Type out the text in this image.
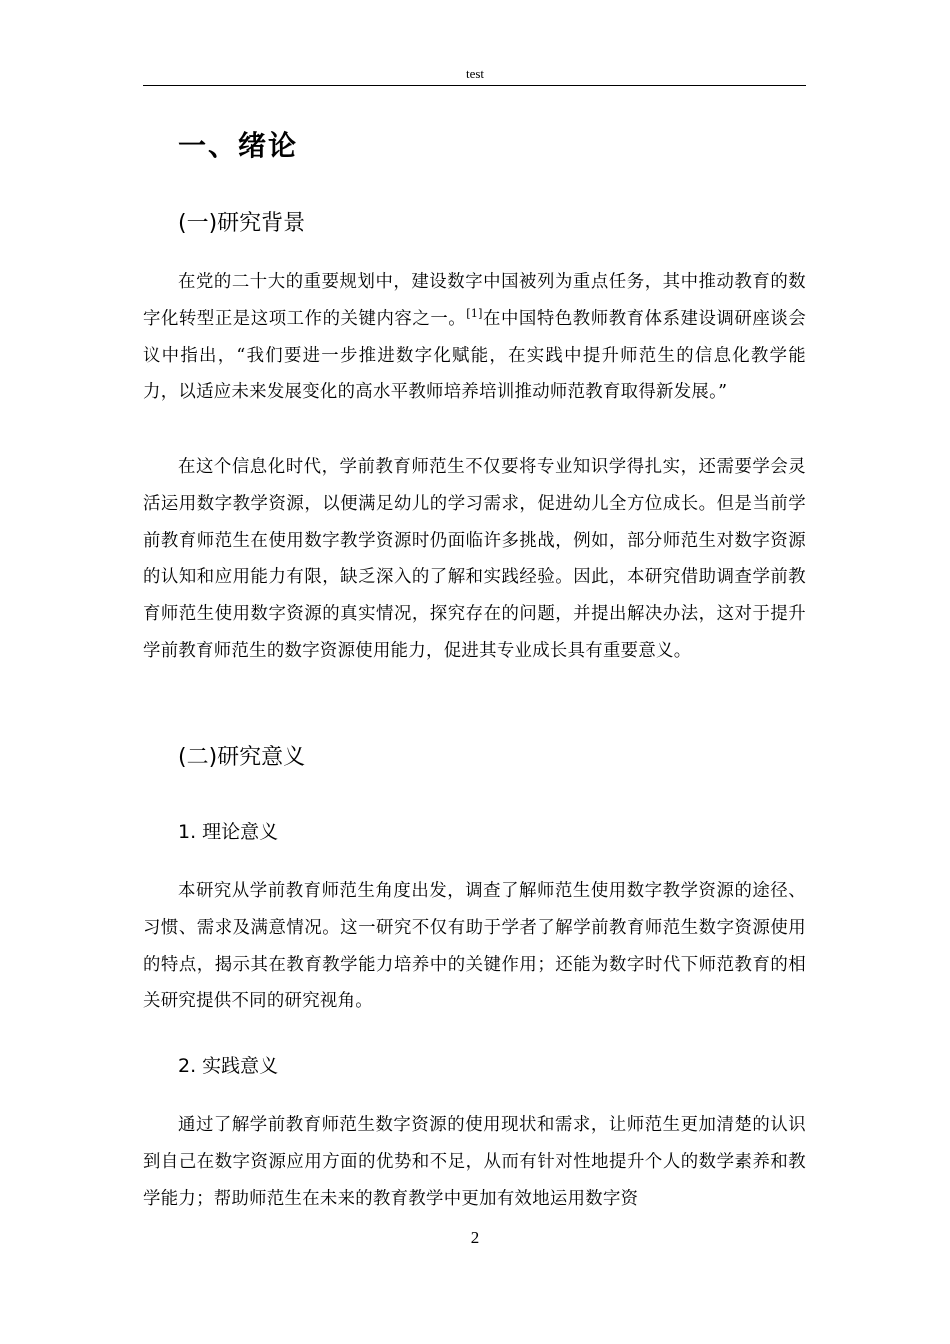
test
一、绪论
(一)研究背景

在党的二十大的重要规划中，建设数字中国被列为重点任务，其中推动教育的数字化转型正是这项工作的关键内容之一。[1]在中国特色教师教育体系建设调研座谈会议中指出，“我们要进一步推进数字化赋能，在实践中提升师范生的信息化教学能力，以适应未来发展变化的高水平教师培养培训推动师范教育取得新发展。”

在这个信息化时代，学前教育师范生不仅要将专业知识学得扎实，还需要学会灵活运用数字教学资源，以便满足幼儿的学习需求，促进幼儿全方位成长。但是当前学前教育师范生在使用数字教学资源时仍面临许多挑战，例如，部分师范生对数字资源的认知和应用能力有限，缺乏深入的了解和实践经验。因此，本研究借助调查学前教育师范生使用数字资源的真实情况，探究存在的问题，并提出解决办法，这对于提升学前教育师范生的数字资源使用能力，促进其专业成长具有重要意义。

(二)研究意义
1. 理论意义

本研究从学前教育师范生角度出发，调查了解师范生使用数字教学资源的途径、习惯、需求及满意情况。这一研究不仅有助于学者了解学前教育师范生数字资源使用的特点，揭示其在教育教学能力培养中的关键作用；还能为数字时代下师范教育的相关研究提供不同的研究视角。

2. 实践意义

通过了解学前教育师范生数字资源的使用现状和需求，让师范生更加清楚的认识到自己在数字资源应用方面的优势和不足，从而有针对性地提升个人的数学素养和教学能力；帮助师范生在未来的教育教学中更加有效地运用数字资

2
